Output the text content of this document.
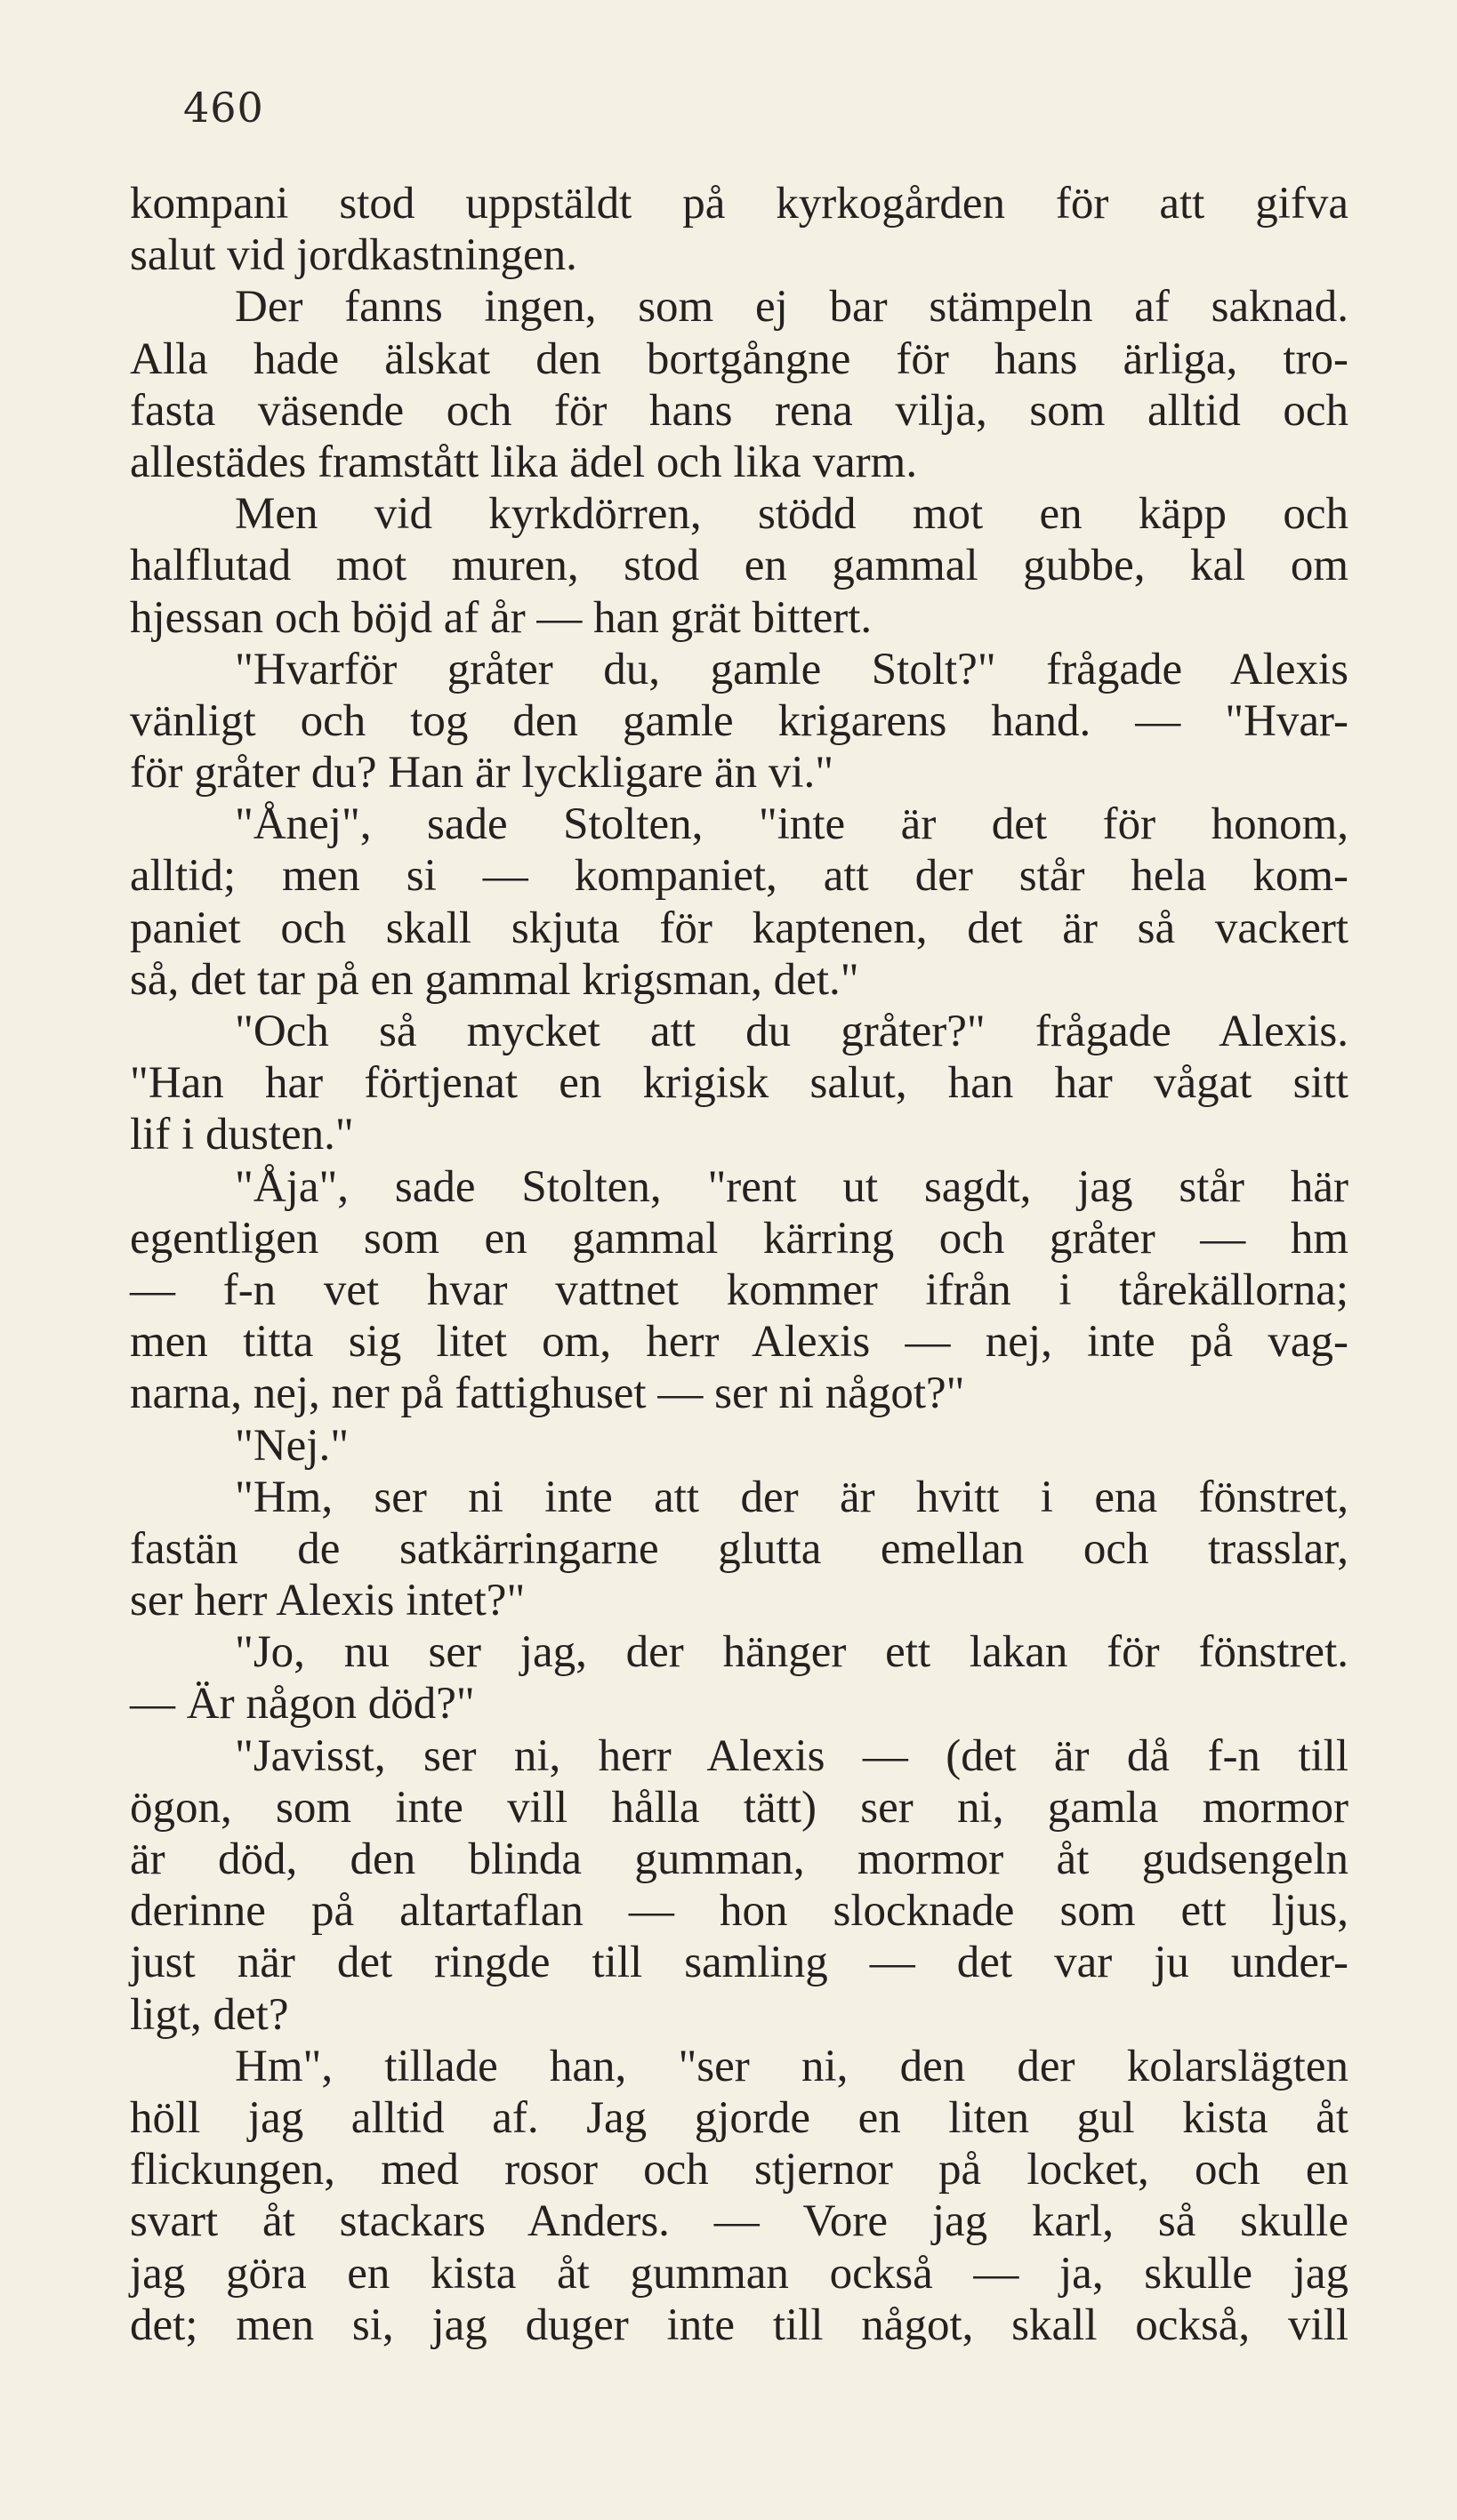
460
kompani stod uppstäldt på kyrkogården för att gifva
salut vid jordkastningen.
Der fanns ingen, som ej bar stämpeln af saknad.
Alla hade älskat den bortgångne för hans ärliga, tro-
fasta väsende och för hans rena vilja, som alltid och
allestädes framstått lika ädel och lika varm.
Men vid kyrkdörren, stödd mot en käpp och
halflutad mot muren, stod en gammal gubbe, kal om
hjessan och böjd af år — han grät bittert.
"Hvarför gråter du, gamle Stolt?" frågade Alexis
vänligt och tog den gamle krigarens hand. — "Hvar-
för gråter du? Han är lyckligare än vi."
"Ånej", sade Stolten, "inte är det för honom,
alltid; men si — kompaniet, att der står hela kom-
paniet och skall skjuta för kaptenen, det är så vackert
så, det tar på en gammal krigsman, det."
"Och så mycket att du gråter?" frågade Alexis.
"Han har förtjenat en krigisk salut, han har vågat sitt
lif i dusten."
"Åja", sade Stolten, "rent ut sagdt, jag står här
egentligen som en gammal kärring och gråter — hm
— f-n vet hvar vattnet kommer ifrån i tårekällorna;
men titta sig litet om, herr Alexis — nej, inte på vag-
narna, nej, ner på fattighuset — ser ni något?"
"Nej."
"Hm, ser ni inte att der är hvitt i ena fönstret,
fastän de satkärringarne glutta emellan och trasslar,
ser herr Alexis intet?"
"Jo, nu ser jag, der hänger ett lakan för fönstret.
— Är någon död?"
"Javisst, ser ni, herr Alexis — (det är då f-n till
ögon, som inte vill hålla tätt) ser ni, gamla mormor
är död, den blinda gumman, mormor åt gudsengeln
derinne på altartaflan — hon slocknade som ett ljus,
just när det ringde till samling — det var ju under-
ligt, det?
Hm", tillade han, "ser ni, den der kolarslägten
höll jag alltid af. Jag gjorde en liten gul kista åt
flickungen, med rosor och stjernor på locket, och en
svart åt stackars Anders. — Vore jag karl, så skulle
jag göra en kista åt gumman också — ja, skulle jag
det; men si, jag duger inte till något, skall också, vill
